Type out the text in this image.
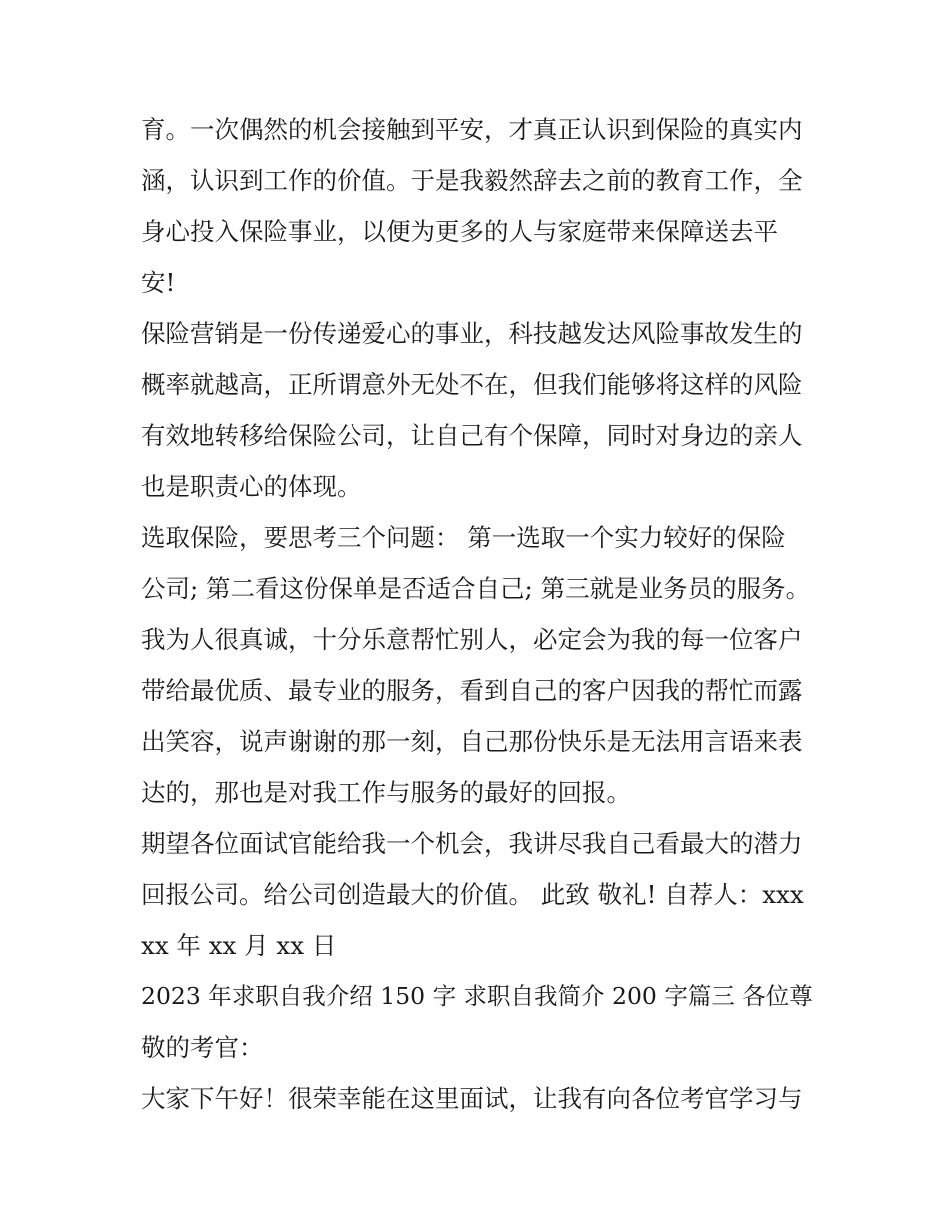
育。一次偶然的机会接触到平安，才真正认识到保险的真实内
涵，认识到工作的价值。于是我毅然辞去之前的教育工作，全
身心投入保险事业，以便为更多的人与家庭带来保障送去平
安!

保险营销是一份传递爱心的事业，科技越发达风险事故发生的
概率就越高，正所谓意外无处不在，但我们能够将这样的风险
有效地转移给保险公司，让自己有个保障，同时对身边的亲人
也是职责心的体现。

选取保险，要思考三个问题： 第一选取一个实力较好的保险
公司; 第二看这份保单是否适合自己; 第三就是业务员的服务。
我为人很真诚，十分乐意帮忙别人，必定会为我的每一位客户
带给最优质、最专业的服务，看到自己的客户因我的帮忙而露
出笑容，说声谢谢的那一刻，自己那份快乐是无法用言语来表
达的，那也是对我工作与服务的最好的回报。

期望各位面试官能给我一个机会，我讲尽我自己看最大的潜力
回报公司。给公司创造最大的价值。 此致 敬礼! 自荐人：xxx
xx 年 xx 月 xx 日

2023 年求职自我介绍 150 字 求职自我简介 200 字篇三 各位尊
敬的考官：

大家下午好！很荣幸能在这里面试，让我有向各位考官学习与
